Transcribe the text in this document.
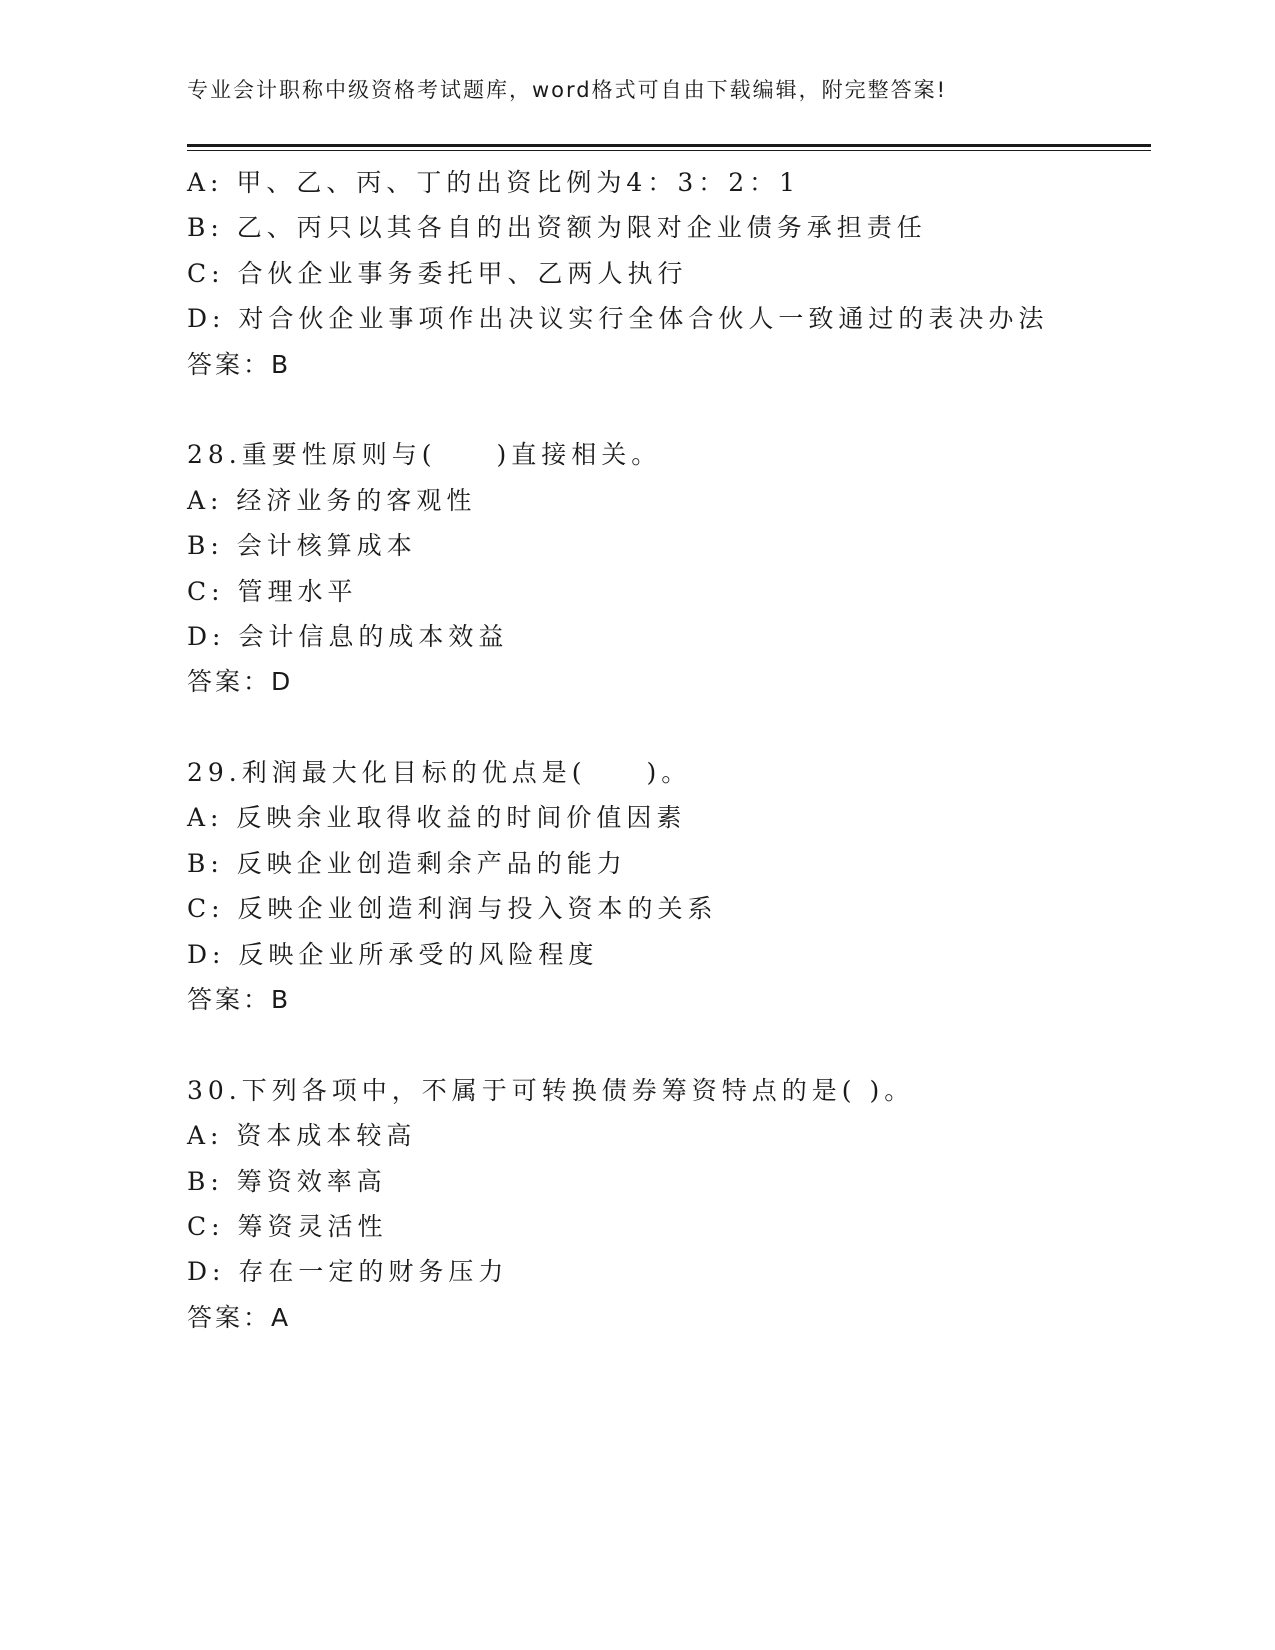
专业会计职称中级资格考试题库，word格式可自由下载编辑，附完整答案!
A: 甲、乙、丙、丁的出资比例为4：3：2：1
B: 乙、丙只以其各自的出资额为限对企业债务承担责任
C: 合伙企业事务委托甲、乙两人执行
D: 对合伙企业事项作出决议实行全体合伙人一致通过的表决办法
答案：B
28.重要性原则与(　　)直接相关。
A: 经济业务的客观性
B: 会计核算成本
C: 管理水平
D: 会计信息的成本效益
答案：D
29.利润最大化目标的优点是(　　)。
A: 反映余业取得收益的时间价值因素
B: 反映企业创造剩余产品的能力
C: 反映企业创造利润与投入资本的关系
D: 反映企业所承受的风险程度
答案：B
30.下列各项中，不属于可转换债券筹资特点的是( )。
A: 资本成本较高
B: 筹资效率高
C: 筹资灵活性
D: 存在一定的财务压力
答案：A
